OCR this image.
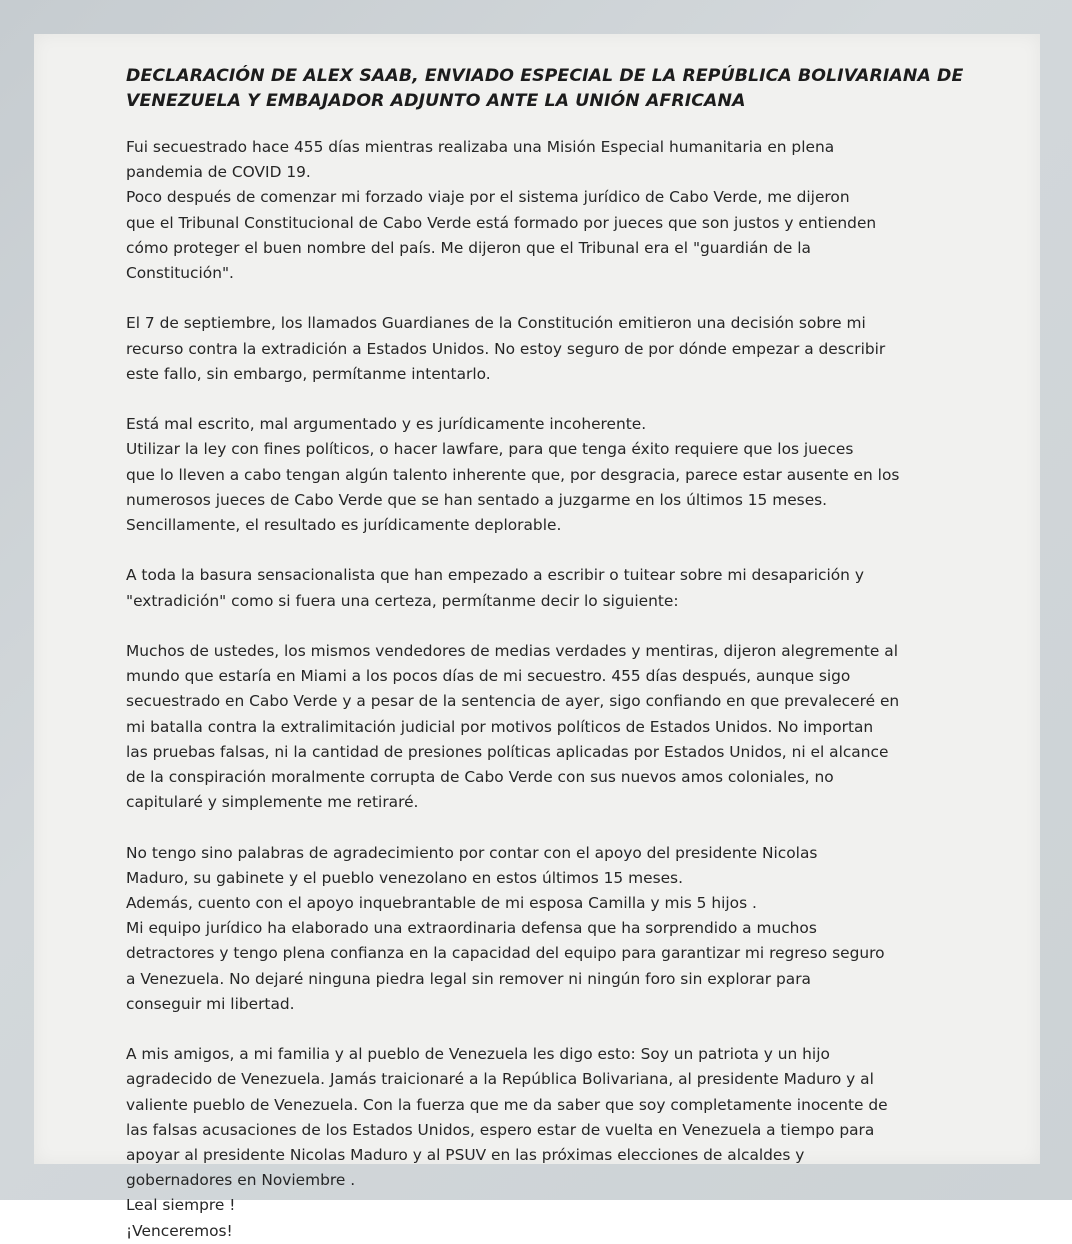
DECLARACIÓN DE ALEX SAAB, ENVIADO ESPECIAL DE LA REPÚBLICA BOLIVARIANA DE
VENEZUELA Y EMBAJADOR ADJUNTO ANTE LA UNIÓN AFRICANA
Fui secuestrado hace 455 días mientras realizaba una Misión Especial humanitaria en plena
pandemia de COVID 19.
Poco después de comenzar mi forzado viaje por el sistema jurídico de Cabo Verde, me dijeron
que el Tribunal Constitucional de Cabo Verde está formado por jueces que son justos y entienden
cómo proteger el buen nombre del país. Me dijeron que el Tribunal era el "guardián de la
Constitución".
El 7 de septiembre, los llamados Guardianes de la Constitución emitieron una decisión sobre mi
recurso contra la extradición a Estados Unidos. No estoy seguro de por dónde empezar a describir
este fallo, sin embargo, permítanme intentarlo.
Está mal escrito, mal argumentado y es jurídicamente incoherente.
Utilizar la ley con fines políticos, o hacer lawfare, para que tenga éxito requiere que los jueces
que lo lleven a cabo tengan algún talento inherente que, por desgracia, parece estar ausente en los
numerosos jueces de Cabo Verde que se han sentado a juzgarme en los últimos 15 meses.
Sencillamente, el resultado es jurídicamente deplorable.
A toda la basura sensacionalista que han empezado a escribir o tuitear sobre mi desaparición y
"extradición" como si fuera una certeza, permítanme decir lo siguiente:
Muchos de ustedes, los mismos vendedores de medias verdades y mentiras, dijeron alegremente al
mundo que estaría en Miami a los pocos días de mi secuestro. 455 días después, aunque sigo
secuestrado en Cabo Verde y a pesar de la sentencia de ayer, sigo confiando en que prevaleceré en
mi batalla contra la extralimitación judicial por motivos políticos de Estados Unidos. No importan
las pruebas falsas, ni la cantidad de presiones políticas aplicadas por Estados Unidos, ni el alcance
de la conspiración moralmente corrupta de Cabo Verde con sus nuevos amos coloniales, no
capitularé y simplemente me retiraré.
No tengo sino palabras de agradecimiento por contar con el apoyo del presidente Nicolas
Maduro, su gabinete y el pueblo venezolano en estos últimos 15 meses.
Además, cuento con el apoyo inquebrantable de mi esposa Camilla y mis 5 hijos .
Mi equipo jurídico ha elaborado una extraordinaria defensa que ha sorprendido a muchos
detractores y tengo plena confianza en la capacidad del equipo para garantizar mi regreso seguro
a Venezuela. No dejaré ninguna piedra legal sin remover ni ningún foro sin explorar para
conseguir mi libertad.
A mis amigos, a mi familia y al pueblo de Venezuela les digo esto: Soy un patriota y un hijo
agradecido de Venezuela. Jamás traicionaré a la República Bolivariana, al presidente Maduro y al
valiente pueblo de Venezuela. Con la fuerza que me da saber que soy completamente inocente de
las falsas acusaciones de los Estados Unidos, espero estar de vuelta en Venezuela a tiempo para
apoyar al presidente Nicolas Maduro y al PSUV en las próximas elecciones de alcaldes y
gobernadores en Noviembre .
Leal siempre !
¡Venceremos!
